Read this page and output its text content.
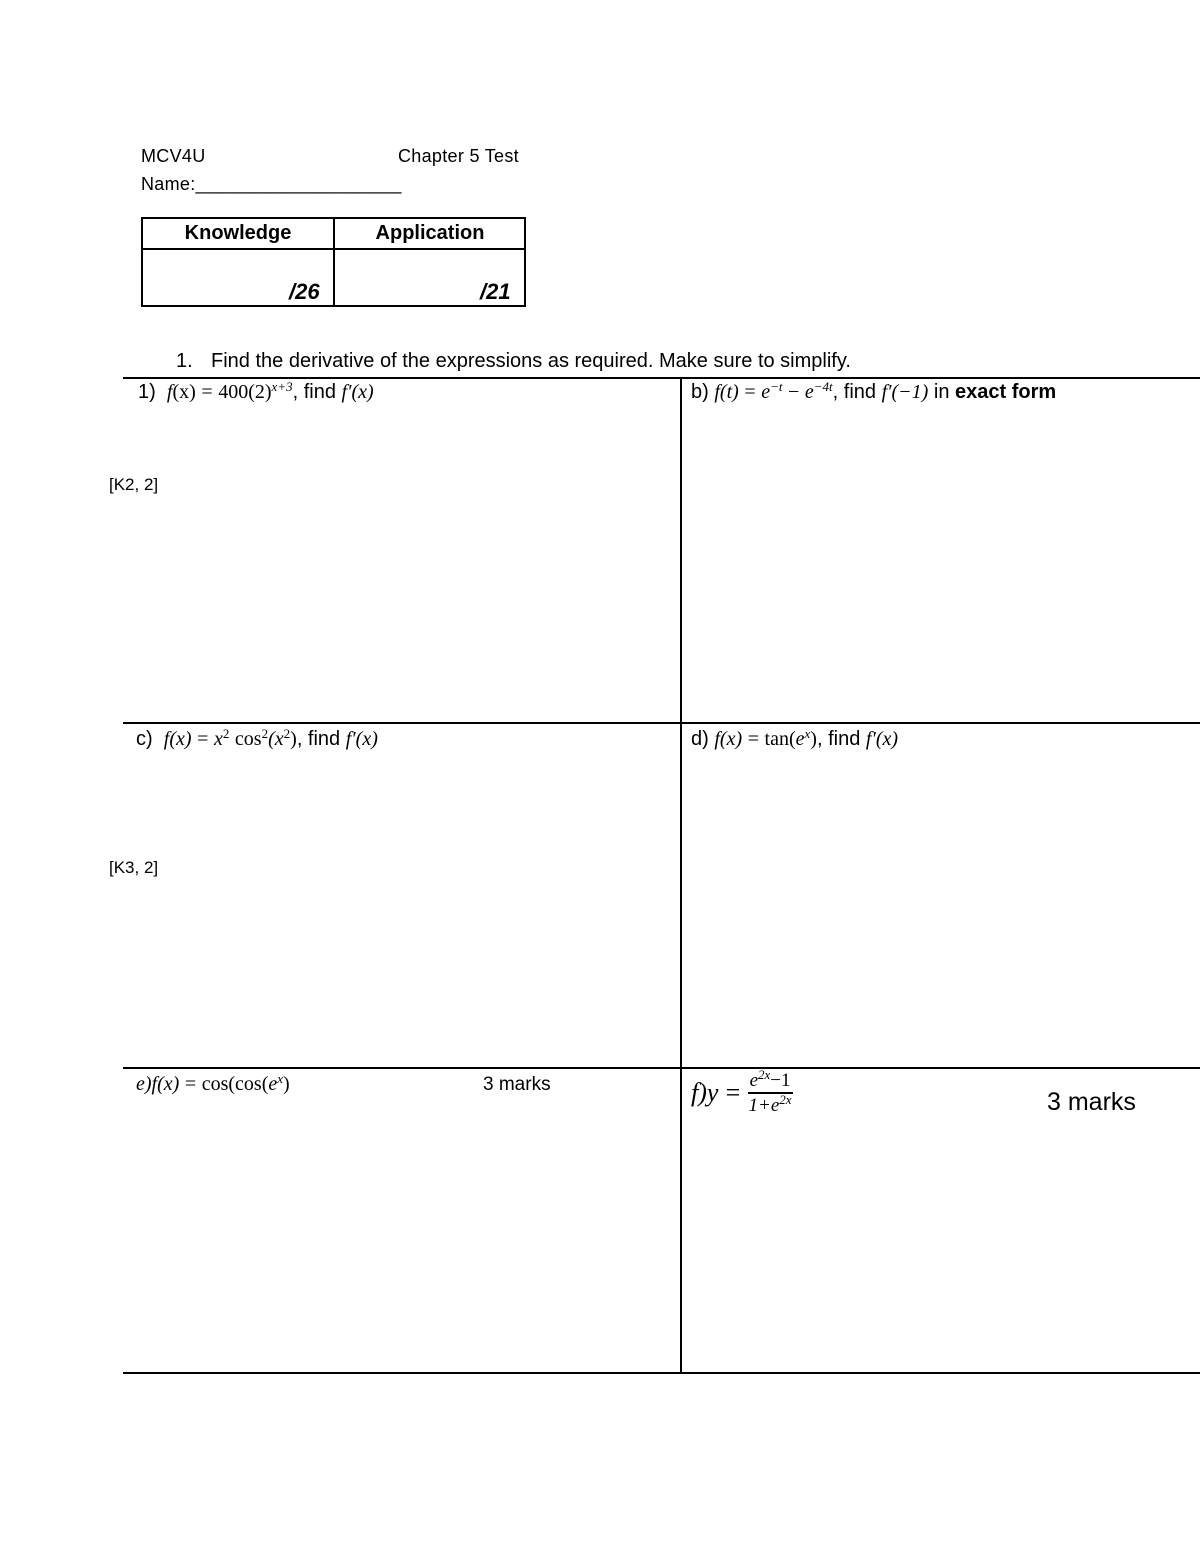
MCV4U	Chapter 5 Test
Name:____________________
Knowledge	Application
/26	/21
1. Find the derivative of the expressions as required. Make sure to simplify.
1) $f(x) = 400(2)^{x+3}$, find f′(x)	b) $f(t) = e^{-t} - e^{-4t}$, find f′(−1) in exact form
[K2, 2]
c) $f(x) = x^2$ $\cos^2(x^2)$, find f′(x)	d) $f(x) = \tan(e^x)$, find f′(x)
[K3, 2]
$e)f(x) = \cos(\cos(e^x)$	3 marks	$f)y = \frac{e^{2x}-1}{1+e^{2x}}$	3 marks
